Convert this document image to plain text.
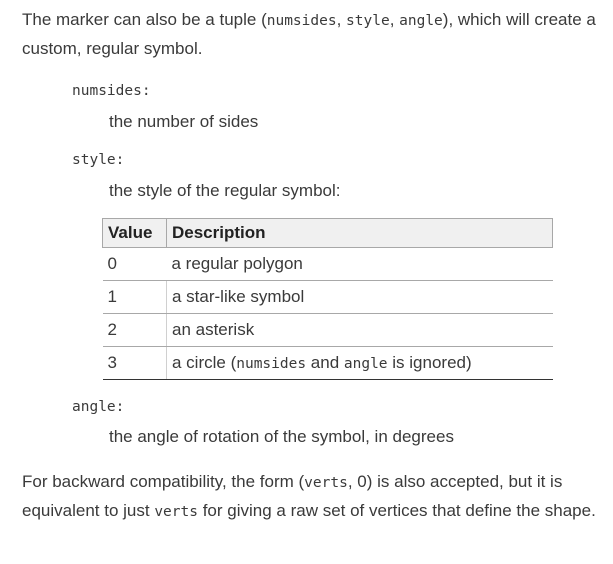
The marker can also be a tuple (numsides, style, angle), which will create a custom, regular symbol.

numsides:
the number of sides
style:
the style of the regular symbol:
Value	Description
0	a regular polygon
1	a star-like symbol
2	an asterisk
3	a circle (numsides and angle is ignored)
angle:
the angle of rotation of the symbol, in degrees

For backward compatibility, the form (verts, 0) is also accepted, but it is equivalent to just verts for giving a raw set of vertices that define the shape.
